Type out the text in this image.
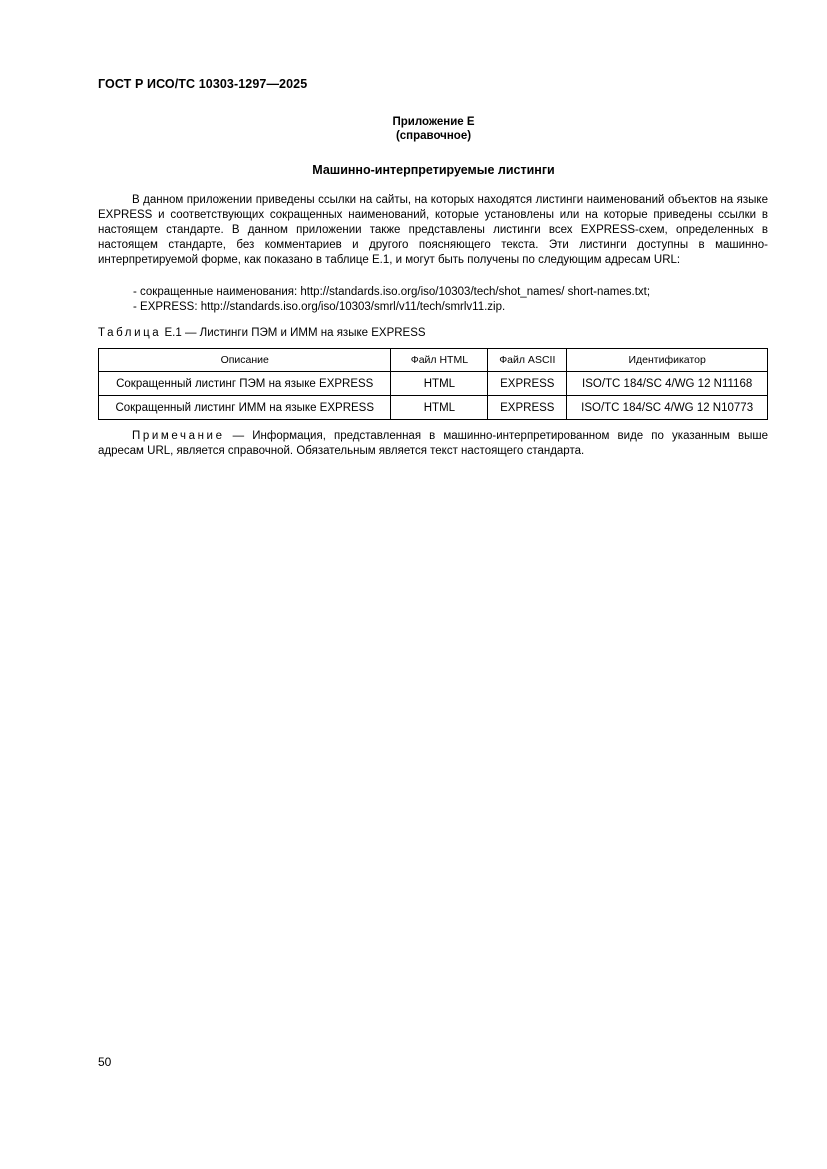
ГОСТ Р ИСО/ТС 10303-1297—2025
Приложение Е
(справочное)
Машинно-интерпретируемые листинги

В данном приложении приведены ссылки на сайты, на которых находятся листинги наименований объектов на языке EXPRESS и соответствующих сокращенных наименований, которые установлены или на которые приведены ссылки в настоящем стандарте. В данном приложении также представлены листинги всех EXPRESS-схем, определенных в настоящем стандарте, без комментариев и другого поясняющего текста. Эти листинги доступны в машинно-интерпретируемой форме, как показано в таблице Е.1, и могут быть получены по следующим адресам URL:

- сокращенные наименования: http://standards.iso.org/iso/10303/tech/shot_names/ short-names.txt;
- EXPRESS: http://standards.iso.org/iso/10303/smrl/v11/tech/smrlv11.zip.
Таблица Е.1 — Листинги ПЭМ и ИММ на языке EXPRESS
Описание	Файл HTML	Файл ASCII	Идентификатор
Сокращенный листинг ПЭМ на языке EXPRESS	HTML	EXPRESS	ISO/TC 184/SC 4/WG 12 N11168
Сокращенный листинг ИММ на языке EXPRESS	HTML	EXPRESS	ISO/TC 184/SC 4/WG 12 N10773

Примечание — Информация, представленная в машинно-интерпретированном виде по указанным выше адресам URL, является справочной. Обязательным является текст настоящего стандарта.

50
